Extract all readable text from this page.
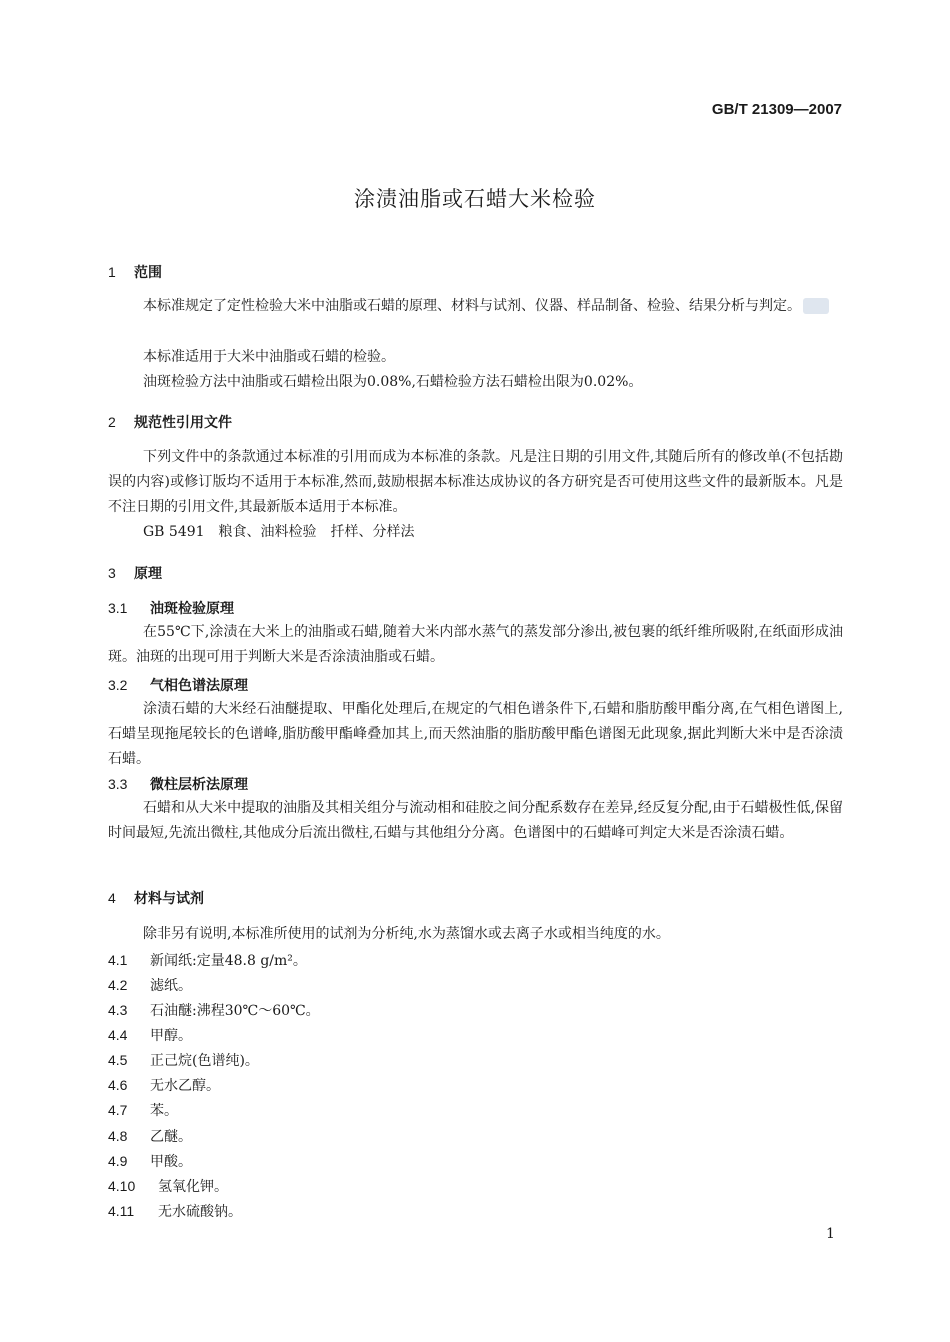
GB/T 21309—2007
涂渍油脂或石蜡大米检验
1 范围
本标准规定了定性检验大米中油脂或石蜡的原理、材料与试剂、仪器、样品制备、检验、结果分析与判定。	sac
本标准适用于大米中油脂或石蜡的检验。
油斑检验方法中油脂或石蜡检出限为0.08%,石蜡检验方法石蜡检出限为0.02%。
2 规范性引用文件
下列文件中的条款通过本标准的引用而成为本标准的条款。凡是注日期的引用文件,其随后所有的修改单(不包括勘误的内容)或修订版均不适用于本标准,然而,鼓励根据本标准达成协议的各方研究是否可使用这些文件的最新版本。凡是不注日期的引用文件,其最新版本适用于本标准。
GB 5491　粮食、油料检验　扦样、分样法
3 原理
3.1 油斑检验原理
在55℃下,涂渍在大米上的油脂或石蜡,随着大米内部水蒸气的蒸发部分渗出,被包裹的纸纤维所吸附,在纸面形成油斑。油斑的出现可用于判断大米是否涂渍油脂或石蜡。
3.2 气相色谱法原理
涂渍石蜡的大米经石油醚提取、甲酯化处理后,在规定的气相色谱条件下,石蜡和脂肪酸甲酯分离,在气相色谱图上,石蜡呈现拖尾较长的色谱峰,脂肪酸甲酯峰叠加其上,而天然油脂的脂肪酸甲酯色谱图无此现象,据此判断大米中是否涂渍石蜡。
3.3 微柱层析法原理
石蜡和从大米中提取的油脂及其相关组分与流动相和硅胶之间分配系数存在差异,经反复分配,由于石蜡极性低,保留时间最短,先流出微柱,其他成分后流出微柱,石蜡与其他组分分离。色谱图中的石蜡峰可判定大米是否涂渍石蜡。
4 材料与试剂
除非另有说明,本标准所使用的试剂为分析纯,水为蒸馏水或去离子水或相当纯度的水。
4.1 新闻纸:定量48.8 g/m²。
4.2 滤纸。
4.3 石油醚:沸程30℃～60℃。
4.4 甲醇。
4.5 正己烷(色谱纯)。
4.6 无水乙醇。
4.7 苯。
4.8 乙醚。
4.9 甲酸。
4.10 氢氧化钾。
4.11 无水硫酸钠。
1
